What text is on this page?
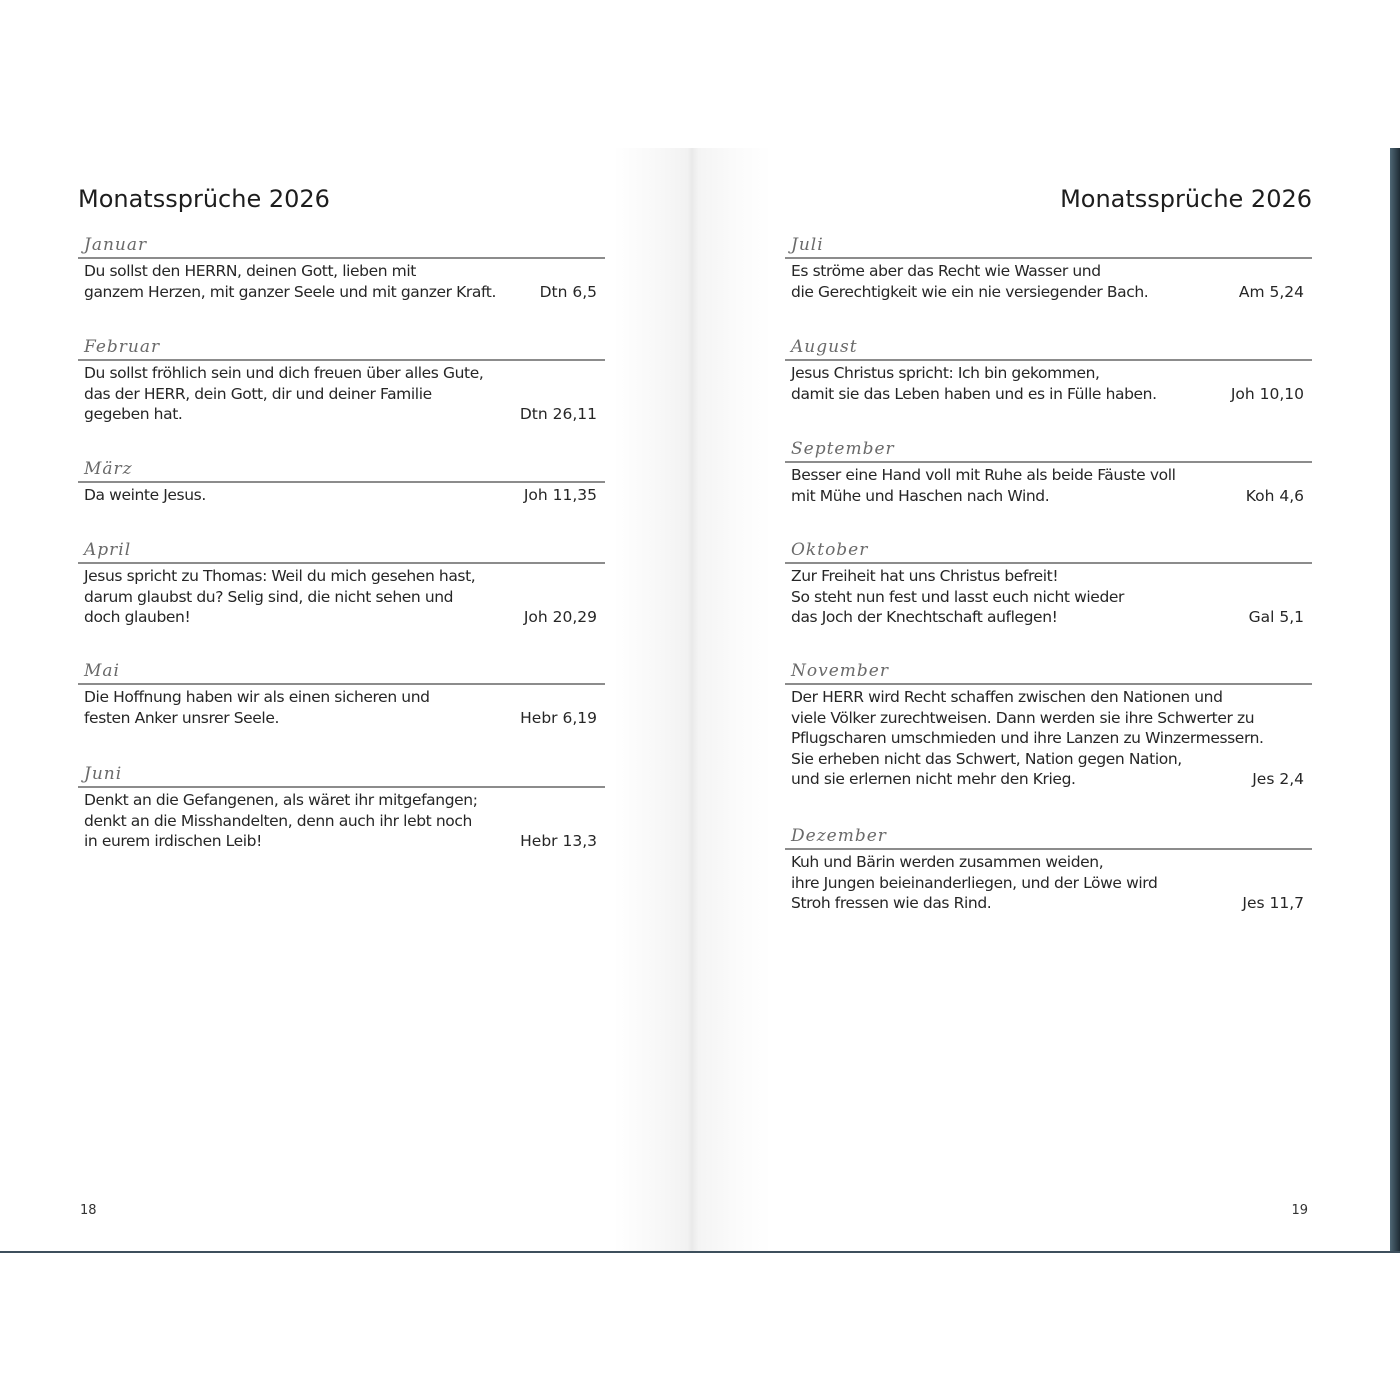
Monatssprüche 2026
18
Januar
Du sollst den HERRN, deinen Gott, lieben mit
ganzem Herzen, mit ganzer Seele und mit ganzer Kraft.	Dtn 6,5
Februar
Du sollst fröhlich sein und dich freuen über alles Gute,
das der HERR, dein Gott, dir und deiner Familie
gegeben hat.	Dtn 26,11
März
Da weinte Jesus.	Joh 11,35
April
Jesus spricht zu Thomas: Weil du mich gesehen hast,
darum glaubst du? Selig sind, die nicht sehen und
doch glauben!	Joh 20,29
Mai
Die Hoffnung haben wir als einen sicheren und
festen Anker unsrer Seele.	Hebr 6,19
Juni
Denkt an die Gefangenen, als wäret ihr mitgefangen;
denkt an die Misshandelten, denn auch ihr lebt noch
in eurem irdischen Leib!	Hebr 13,3
Monatssprüche 2026
19
Juli
Es ströme aber das Recht wie Wasser und
die Gerechtigkeit wie ein nie versiegender Bach.	Am 5,24
August
Jesus Christus spricht: Ich bin gekommen,
damit sie das Leben haben und es in Fülle haben.	Joh 10,10
September
Besser eine Hand voll mit Ruhe als beide Fäuste voll
mit Mühe und Haschen nach Wind.	Koh 4,6
Oktober
Zur Freiheit hat uns Christus befreit!
So steht nun fest und lasst euch nicht wieder
das Joch der Knechtschaft auflegen!	Gal 5,1
November
Der HERR wird Recht schaffen zwischen den Nationen und
viele Völker zurechtweisen. Dann werden sie ihre Schwerter zu
Pflugscharen umschmieden und ihre Lanzen zu Winzermessern.
Sie erheben nicht das Schwert, Nation gegen Nation,
und sie erlernen nicht mehr den Krieg.	Jes 2,4
Dezember
Kuh und Bärin werden zusammen weiden,
ihre Jungen beieinanderliegen, und der Löwe wird
Stroh fressen wie das Rind.	Jes 11,7
